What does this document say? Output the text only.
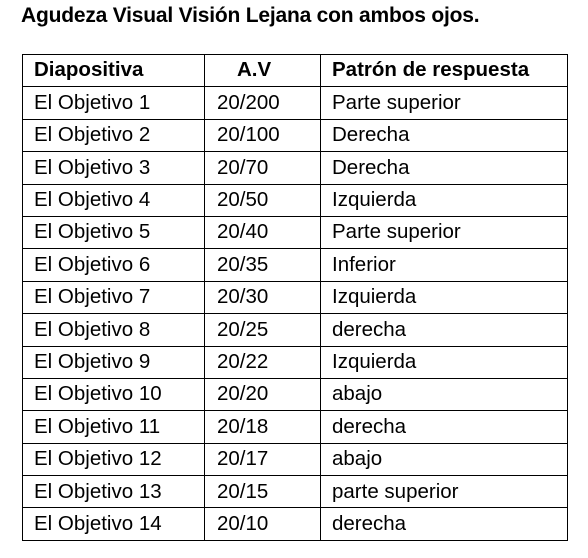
Agudeza Visual Visión Lejana con ambos ojos.
Diapositiva	A.V	Patrón de respuesta
El Objetivo 1	20/200	Parte superior
El Objetivo 2	20/100	Derecha
El Objetivo 3	20/70	Derecha
El Objetivo 4	20/50	Izquierda
El Objetivo 5	20/40	Parte superior
El Objetivo 6	20/35	Inferior
El Objetivo 7	20/30	Izquierda
El Objetivo 8	20/25	derecha
El Objetivo 9	20/22	Izquierda
El Objetivo 10	20/20	abajo
El Objetivo 11	20/18	derecha
El Objetivo 12	20/17	abajo
El Objetivo 13	20/15	parte superior
El Objetivo 14	20/10	derecha
